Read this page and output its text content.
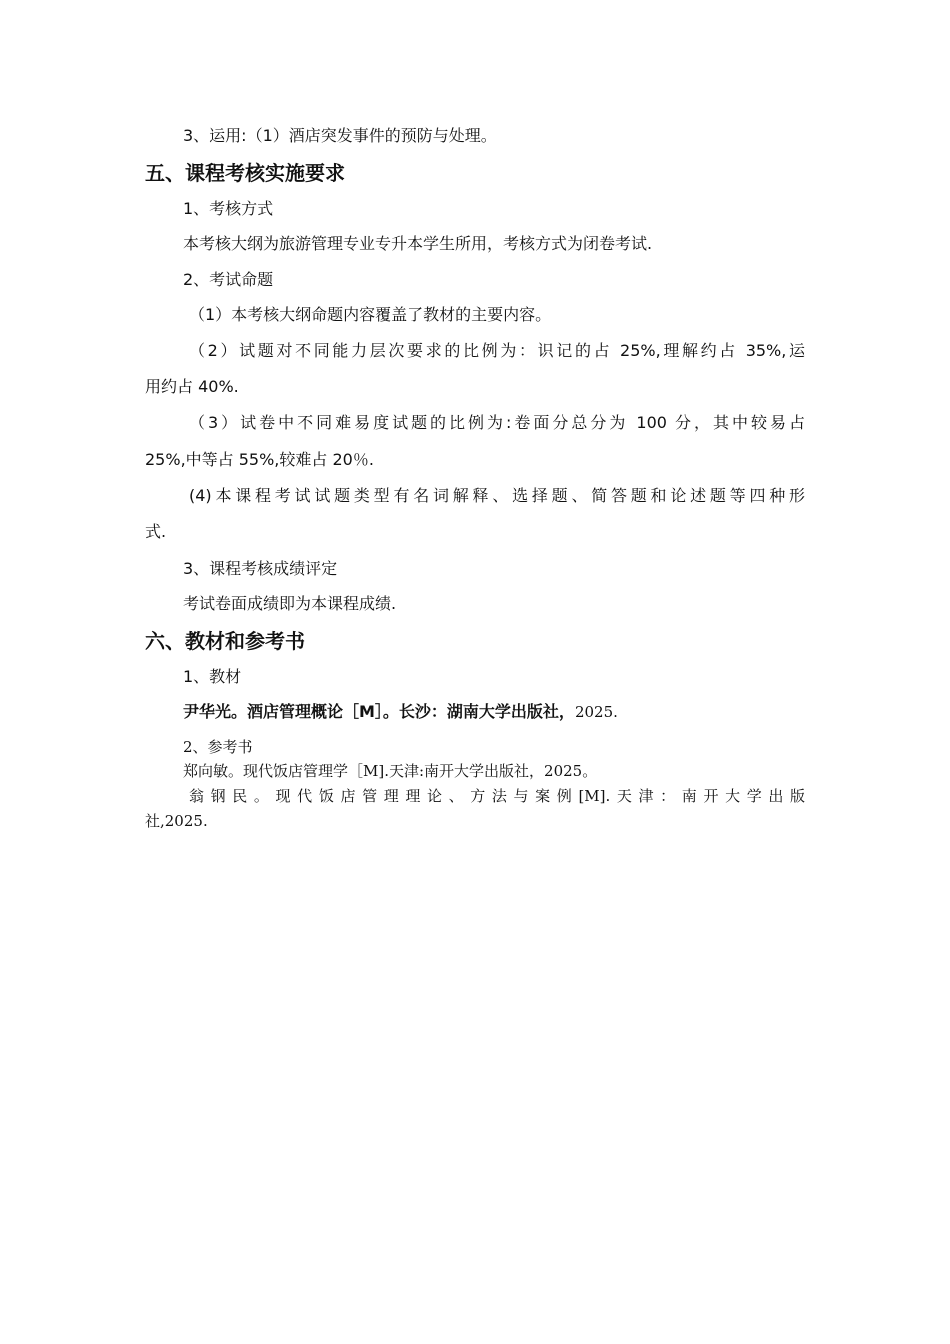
3、运用:（1）酒店突发事件的预防与处理。
五、课程考核实施要求
1、考核方式
本考核大纲为旅游管理专业专升本学生所用，考核方式为闭卷考试.
2、考试命题
（1）本考核大纲命题内容覆盖了教材的主要内容。
（2）试题对不同能力层次要求的比例为：识记的占 25%,理解约占 35%,运
用约占 40%.
（3）试卷中不同难易度试题的比例为:卷面分总分为 100 分，其中较易占
25%,中等占 55%,较难占 20％.
(4)本课程考试试题类型有名词解释、选择题、简答题和论述题等四种形
式.
3、课程考核成绩评定
考试卷面成绩即为本课程成绩.
六、教材和参考书
1、教材
尹华光。酒店管理概论［M］。长沙：湖南大学出版社，2025.
2、参考书
郑向敏。现代饭店管理学［M].天津:南开大学出版社，2025。
翁钢民。现代饭店管理理论、方法与案例[M].天津：南开大学出版
社,2025.
